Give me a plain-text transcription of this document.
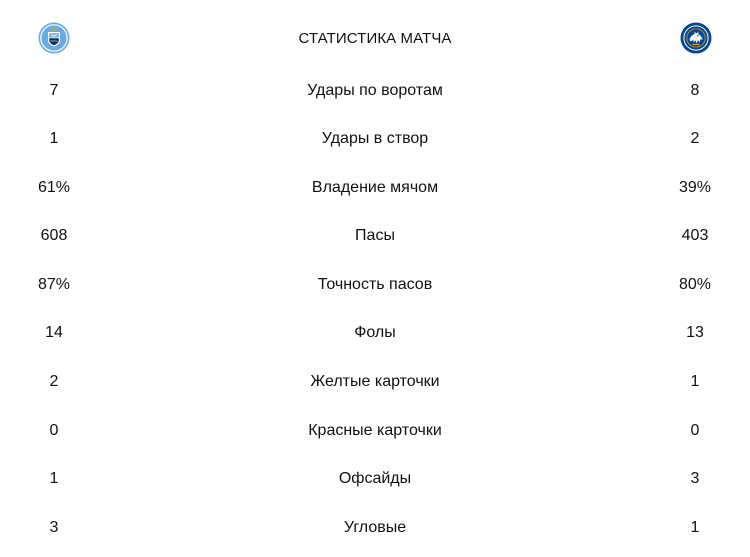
СТАТИСТИКА МАТЧА
7	Удары по воротам	8
1	Удары в створ	2
61%	Владение мячом	39%
608	Пасы	403
87%	Точность пасов	80%
14	Фолы	13
2	Желтые карточки	1
0	Красные карточки	0
1	Офсайды	3
3	Угловые	1
